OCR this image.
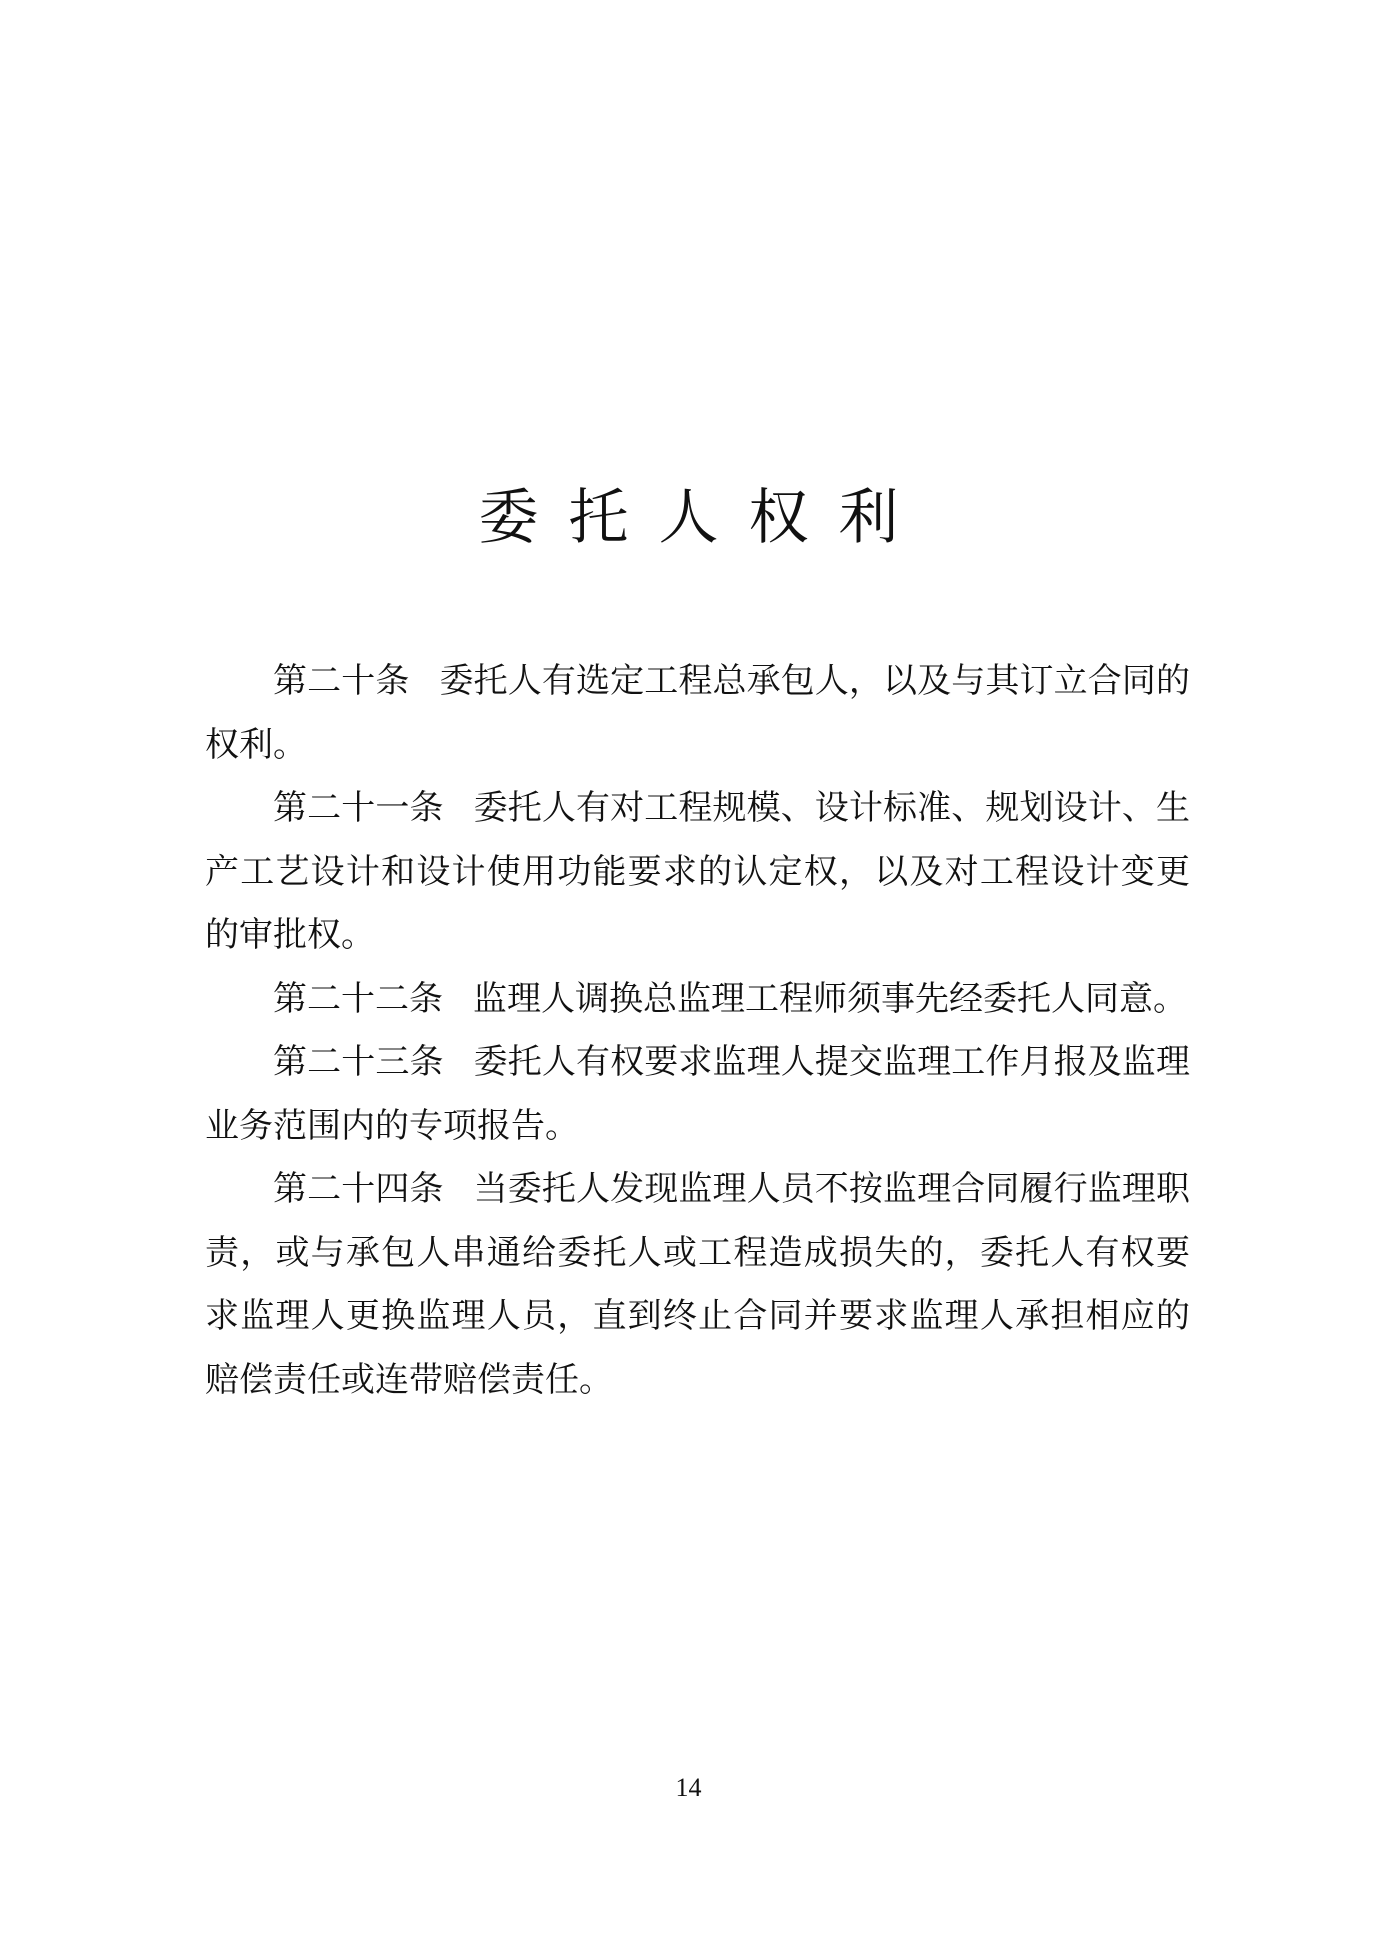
委托人权利

第二十条 委托人有选定工程总承包人，以及与其订立合同的权利。

第二十一条 委托人有对工程规模、设计标准、规划设计、生产工艺设计和设计使用功能要求的认定权，以及对工程设计变更的审批权。

第二十二条 监理人调换总监理工程师须事先经委托人同意。

第二十三条 委托人有权要求监理人提交监理工作月报及监理业务范围内的专项报告。

第二十四条 当委托人发现监理人员不按监理合同履行监理职责，或与承包人串通给委托人或工程造成损失的，委托人有权要求监理人更换监理人员，直到终止合同并要求监理人承担相应的赔偿责任或连带赔偿责任。

14
